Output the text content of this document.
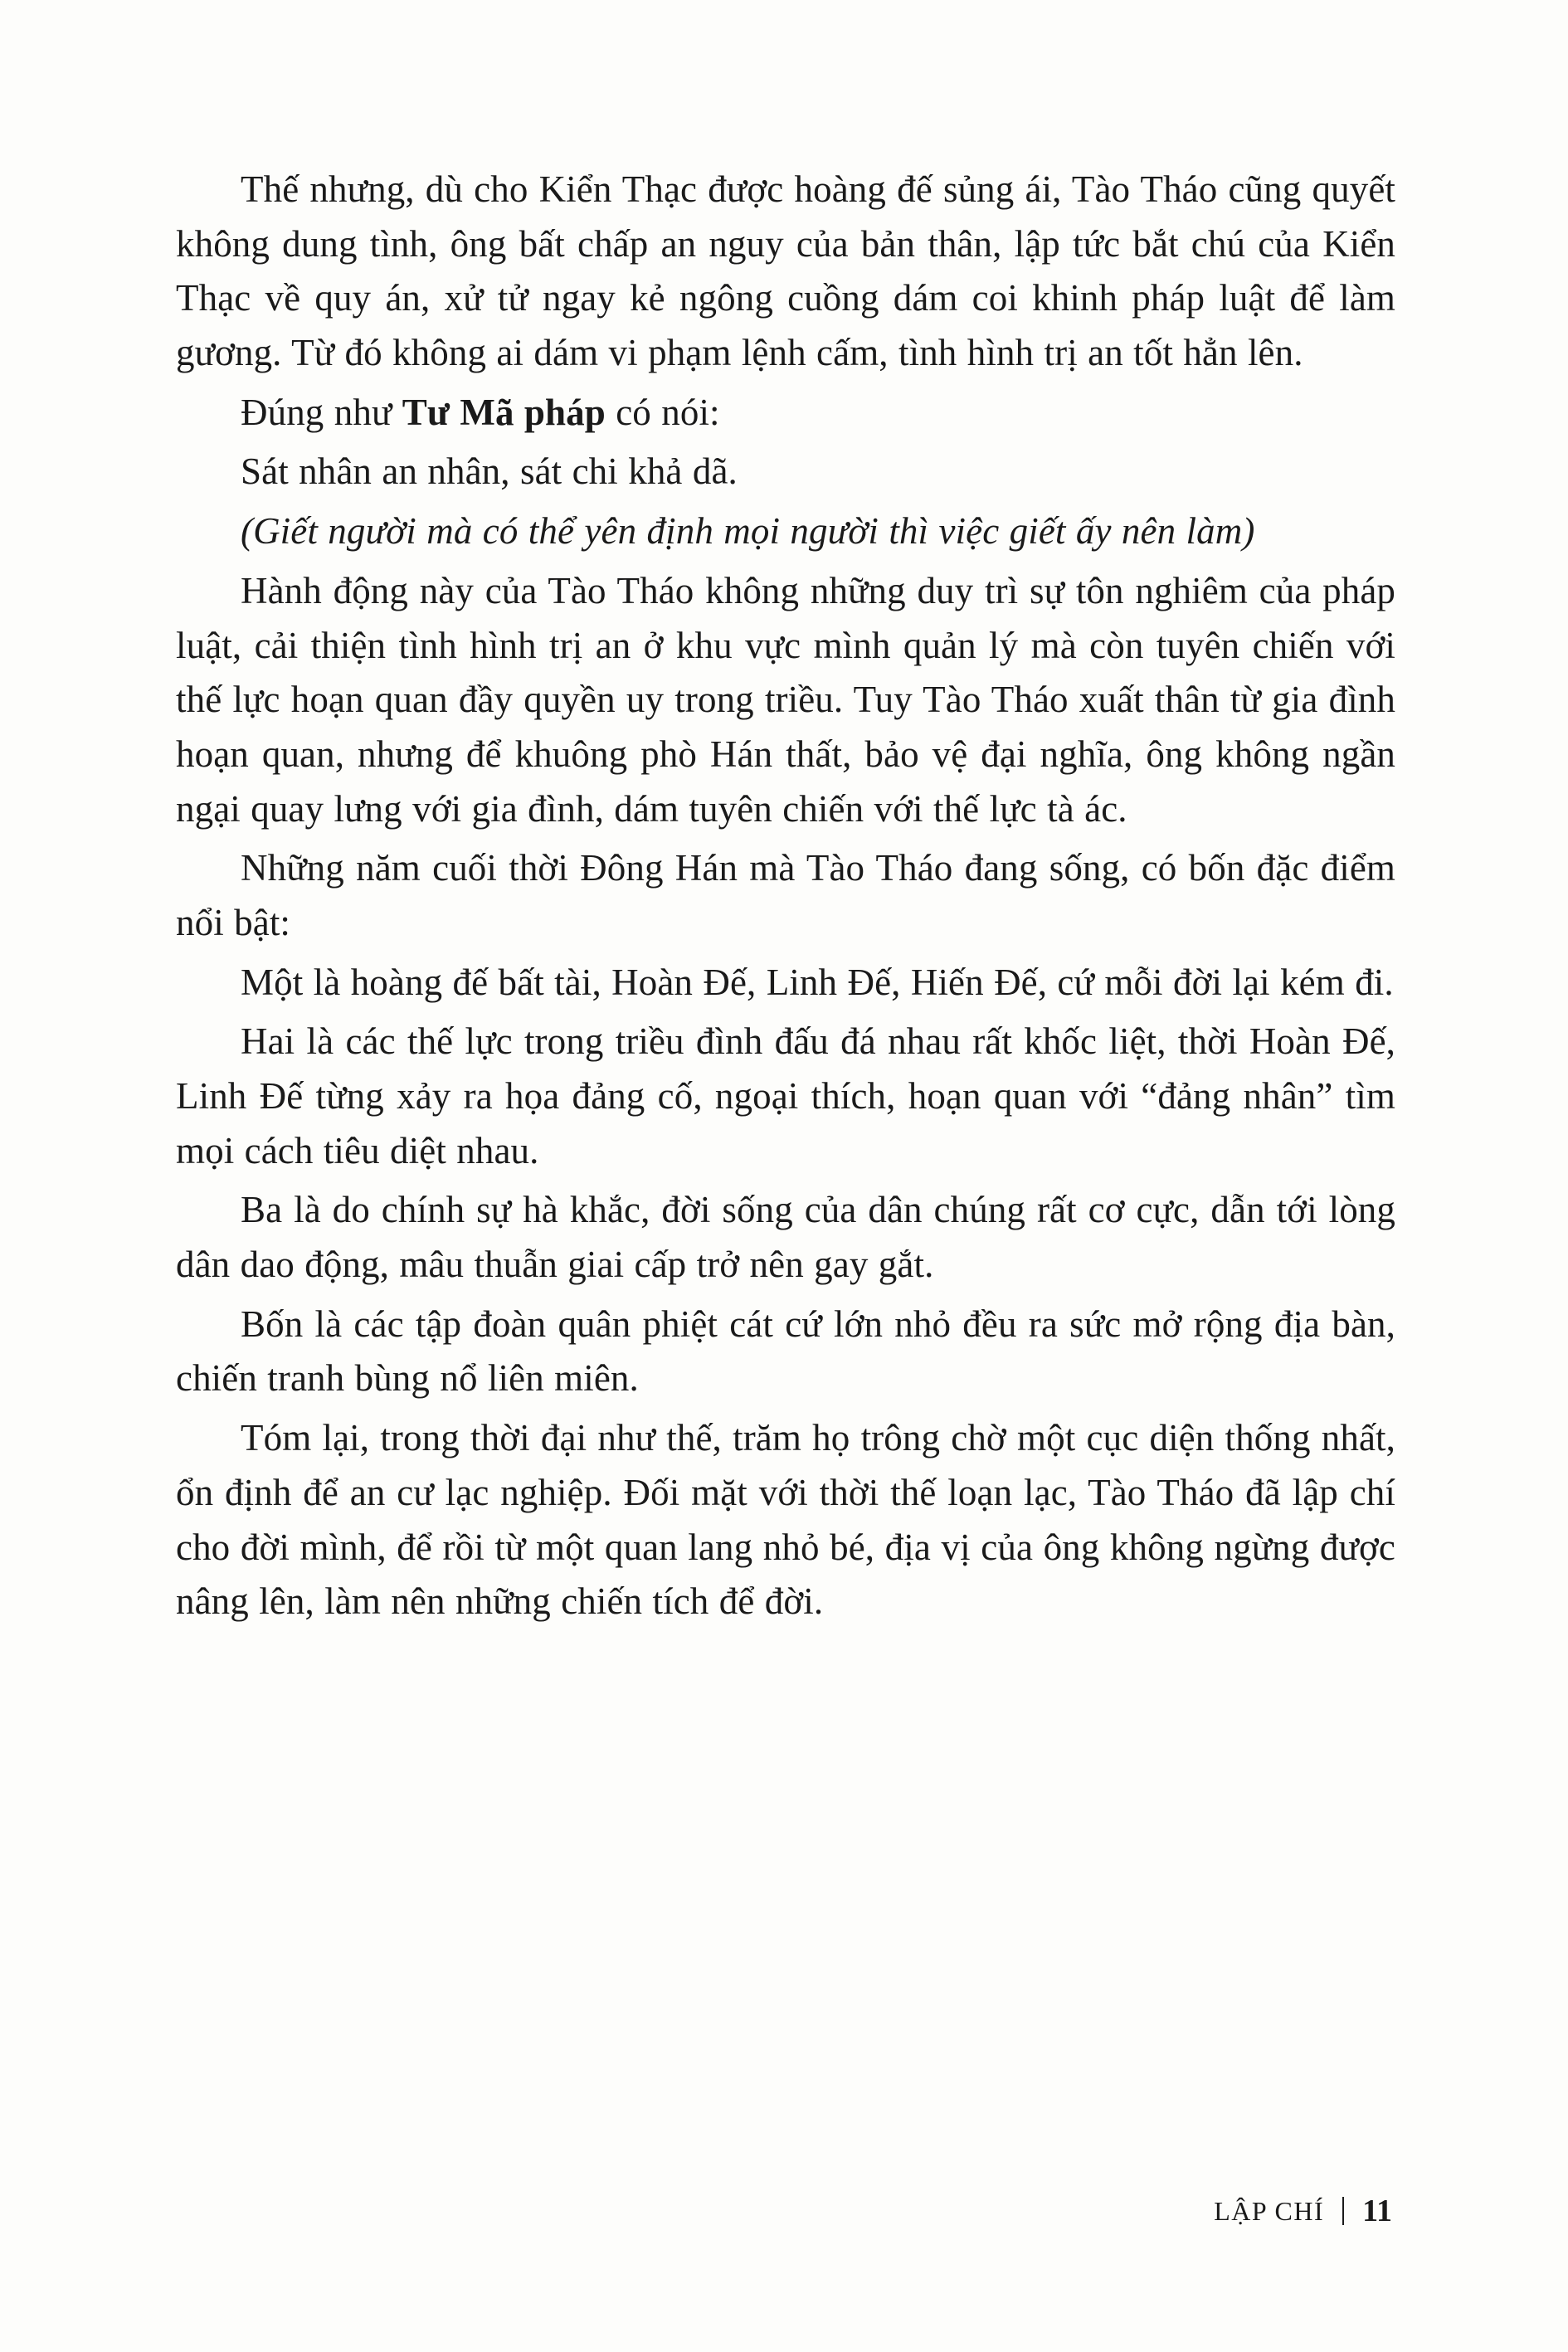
Thế nhưng, dù cho Kiển Thạc được hoàng đế sủng ái, Tào Tháo cũng quyết không dung tình, ông bất chấp an nguy của bản thân, lập tức bắt chú của Kiển Thạc về quy án, xử tử ngay kẻ ngông cuồng dám coi khinh pháp luật để làm gương. Từ đó không ai dám vi phạm lệnh cấm, tình hình trị an tốt hẳn lên.

Đúng như Tư Mã pháp có nói:

Sát nhân an nhân, sát chi khả dã.

(Giết người mà có thể yên định mọi người thì việc giết ấy nên làm)

Hành động này của Tào Tháo không những duy trì sự tôn nghiêm của pháp luật, cải thiện tình hình trị an ở khu vực mình quản lý mà còn tuyên chiến với thế lực hoạn quan đầy quyền uy trong triều. Tuy Tào Tháo xuất thân từ gia đình hoạn quan, nhưng để khuông phò Hán thất, bảo vệ đại nghĩa, ông không ngần ngại quay lưng với gia đình, dám tuyên chiến với thế lực tà ác.

Những năm cuối thời Đông Hán mà Tào Tháo đang sống, có bốn đặc điểm nổi bật:

Một là hoàng đế bất tài, Hoàn Đế, Linh Đế, Hiến Đế, cứ mỗi đời lại kém đi.

Hai là các thế lực trong triều đình đấu đá nhau rất khốc liệt, thời Hoàn Đế, Linh Đế từng xảy ra họa đảng cố, ngoại thích, hoạn quan với “đảng nhân” tìm mọi cách tiêu diệt nhau.

Ba là do chính sự hà khắc, đời sống của dân chúng rất cơ cực, dẫn tới lòng dân dao động, mâu thuẫn giai cấp trở nên gay gắt.

Bốn là các tập đoàn quân phiệt cát cứ lớn nhỏ đều ra sức mở rộng địa bàn, chiến tranh bùng nổ liên miên.

Tóm lại, trong thời đại như thế, trăm họ trông chờ một cục diện thống nhất, ổn định để an cư lạc nghiệp. Đối mặt với thời thế loạn lạc, Tào Tháo đã lập chí cho đời mình, để rồi từ một quan lang nhỏ bé, địa vị của ông không ngừng được nâng lên, làm nên những chiến tích để đời.

LẬP CHÍ 11
